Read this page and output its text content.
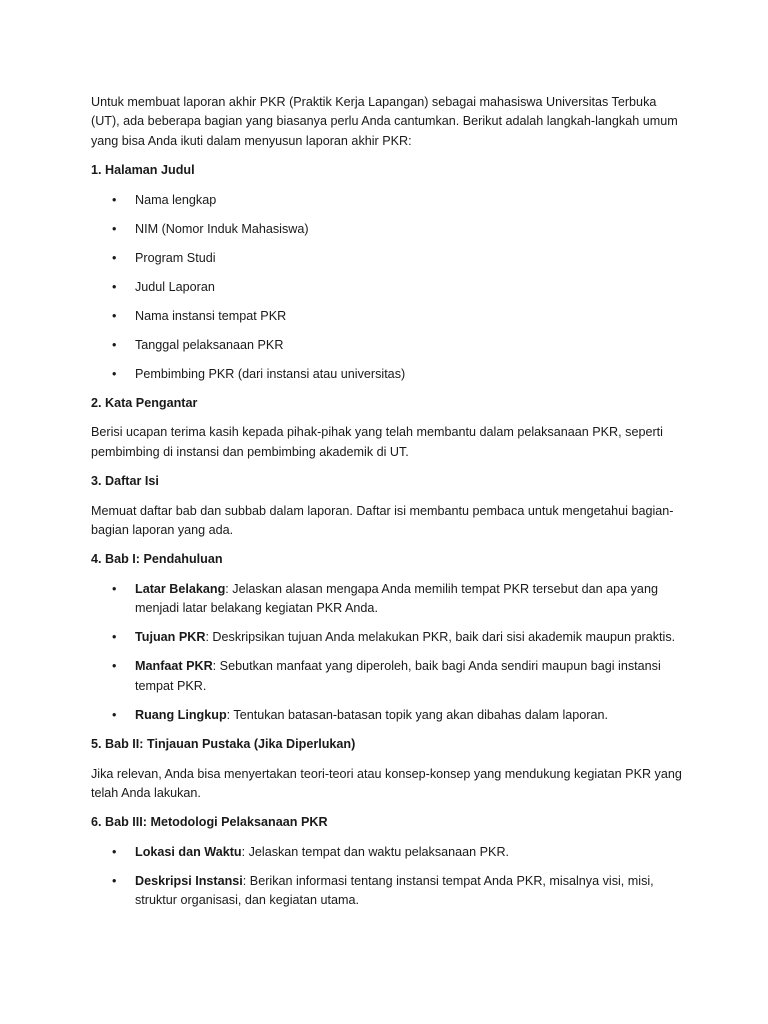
Untuk membuat laporan akhir PKR (Praktik Kerja Lapangan) sebagai mahasiswa Universitas Terbuka (UT), ada beberapa bagian yang biasanya perlu Anda cantumkan. Berikut adalah langkah-langkah umum yang bisa Anda ikuti dalam menyusun laporan akhir PKR:

1. Halaman Judul

• Nama lengkap
• NIM (Nomor Induk Mahasiswa)
• Program Studi
• Judul Laporan
• Nama instansi tempat PKR
• Tanggal pelaksanaan PKR
• Pembimbing PKR (dari instansi atau universitas)

2. Kata Pengantar

Berisi ucapan terima kasih kepada pihak-pihak yang telah membantu dalam pelaksanaan PKR, seperti pembimbing di instansi dan pembimbing akademik di UT.

3. Daftar Isi

Memuat daftar bab dan subbab dalam laporan. Daftar isi membantu pembaca untuk mengetahui bagian-bagian laporan yang ada.

4. Bab I: Pendahuluan

• Latar Belakang: Jelaskan alasan mengapa Anda memilih tempat PKR tersebut dan apa yang menjadi latar belakang kegiatan PKR Anda.
• Tujuan PKR: Deskripsikan tujuan Anda melakukan PKR, baik dari sisi akademik maupun praktis.
• Manfaat PKR: Sebutkan manfaat yang diperoleh, baik bagi Anda sendiri maupun bagi instansi tempat PKR.
• Ruang Lingkup: Tentukan batasan-batasan topik yang akan dibahas dalam laporan.

5. Bab II: Tinjauan Pustaka (Jika Diperlukan)

Jika relevan, Anda bisa menyertakan teori-teori atau konsep-konsep yang mendukung kegiatan PKR yang telah Anda lakukan.

6. Bab III: Metodologi Pelaksanaan PKR

• Lokasi dan Waktu: Jelaskan tempat dan waktu pelaksanaan PKR.
• Deskripsi Instansi: Berikan informasi tentang instansi tempat Anda PKR, misalnya visi, misi, struktur organisasi, dan kegiatan utama.
